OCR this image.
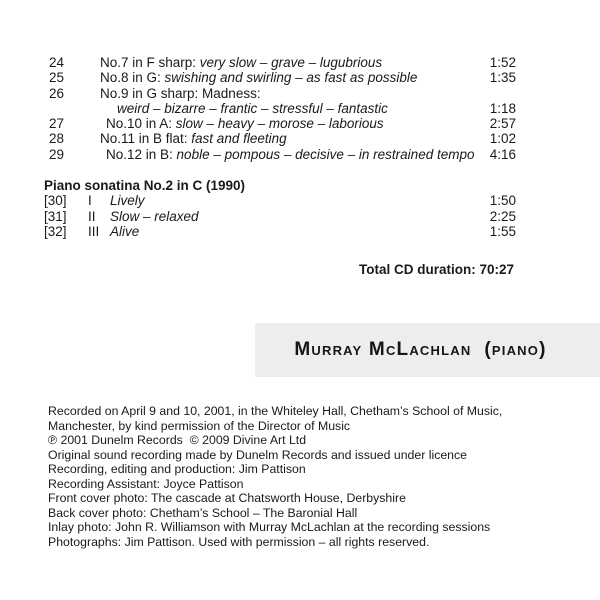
24	No.7 in F sharp: very slow – grave – lugubrious	1:52
25	No.8 in G: swishing and swirling – as fast as possible	1:35
26	No.9 in G sharp: Madness:
weird – bizarre – frantic – stressful – fantastic	1:18
27	No.10 in A: slow – heavy – morose – laborious	2:57
28	No.11 in B flat: fast and fleeting	1:02
29	No.12 in B: noble – pompous – decisive – in restrained tempo	4:16
Piano sonatina No.2 in C (1990)
[30]	I	Lively	1:50
[31]	II	Slow – relaxed	2:25
[32]	III Alive	1:55
Total CD duration: 70:27
Murray McLachlan  (piano)
Recorded on April 9 and 10, 2001, in the Whiteley Hall, Chetham’s School of Music,
Manchester, by kind permission of the Director of Music
℗ 2001 Dunelm Records  © 2009 Divine Art Ltd
Original sound recording made by Dunelm Records and issued under licence
Recording, editing and production: Jim Pattison
Recording Assistant: Joyce Pattison
Front cover photo: The cascade at Chatsworth House, Derbyshire
Back cover photo: Chetham’s School – The Baronial Hall
Inlay photo: John R. Williamson with Murray McLachlan at the recording sessions
Photographs: Jim Pattison. Used with permission – all rights reserved.
